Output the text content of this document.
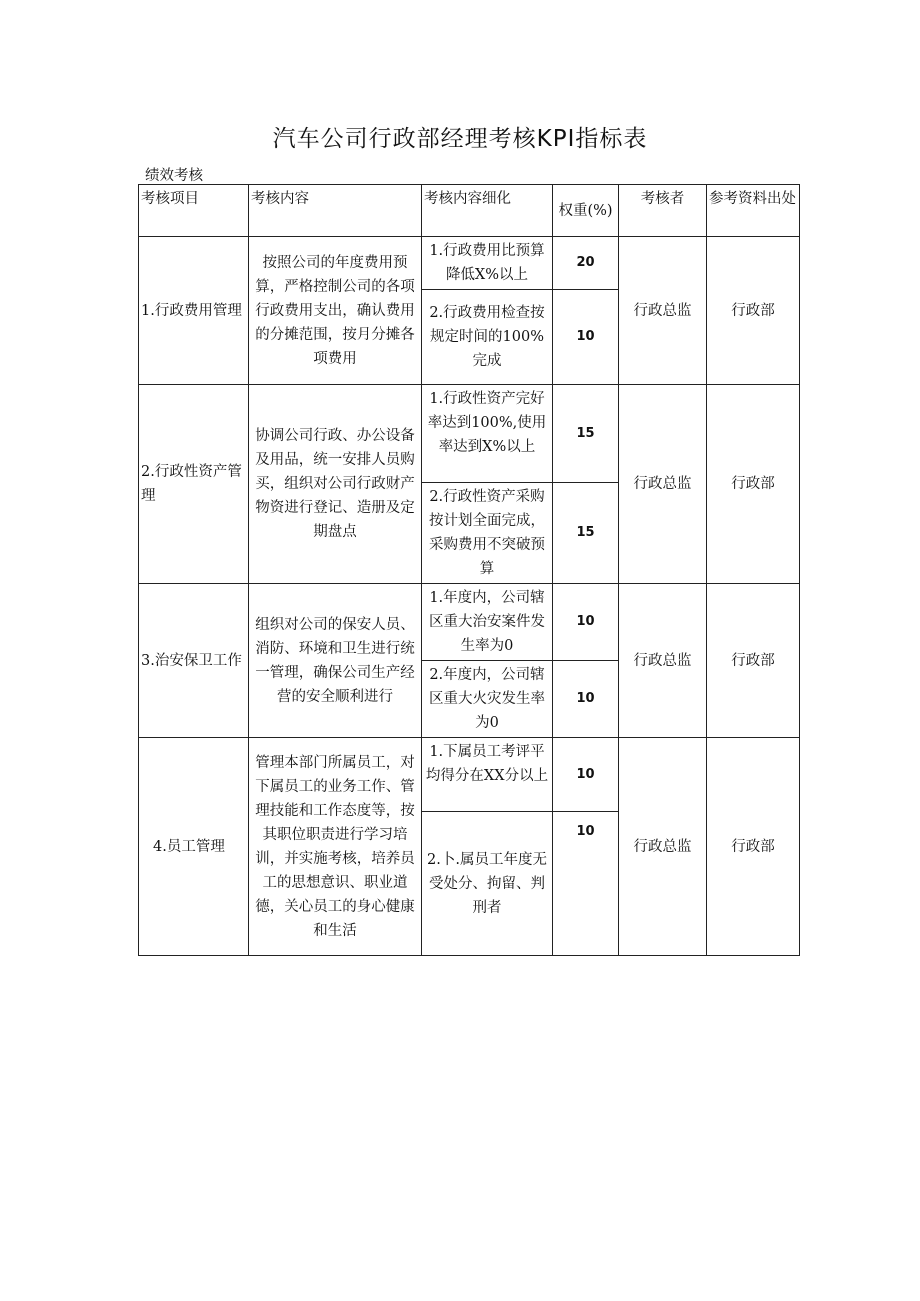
汽车公司行政部经理考核KPI指标表
绩效考核
考核项目	考核内容	考核内容细化	权重(%)	考核者	参考资料出处
1.行政费用管理	按照公司的年度费用预算，严格控制公司的各项行政费用支出，确认费用的分摊范围，按月分摊各项费用	1.行政费用比预算降低X%以上	20	行政总监	行政部
		2.行政费用检查按规定时间的100%完成	10		
2.行政性资产管理	协调公司行政、办公设备及用品，统一安排人员购买，组织对公司行政财产物资进行登记、造册及定期盘点	1.行政性资产完好率达到100%,使用率达到X%以上	15	行政总监	行政部
		2.行政性资产采购按计划全面完成，采购费用不突破预算	15		
3.治安保卫工作	组织对公司的保安人员、消防、环境和卫生进行统一管理，确保公司生产经营的安全顺利进行	1.年度内，公司辖区重大治安案件发生率为0	10	行政总监	行政部
		2.年度内，公司辖区重大火灾发生率为0	10		
4.员工管理	管理本部门所属员工，对下属员工的业务工作、管理技能和工作态度等，按其职位职责进行学习培训，并实施考核，培养员工的思想意识、职业道德，关心员工的身心健康和生活	1.下属员工考评平均得分在XX分以上	10	行政总监	行政部
		2.卜.属员工年度无受处分、拘留、判刑者	10		
